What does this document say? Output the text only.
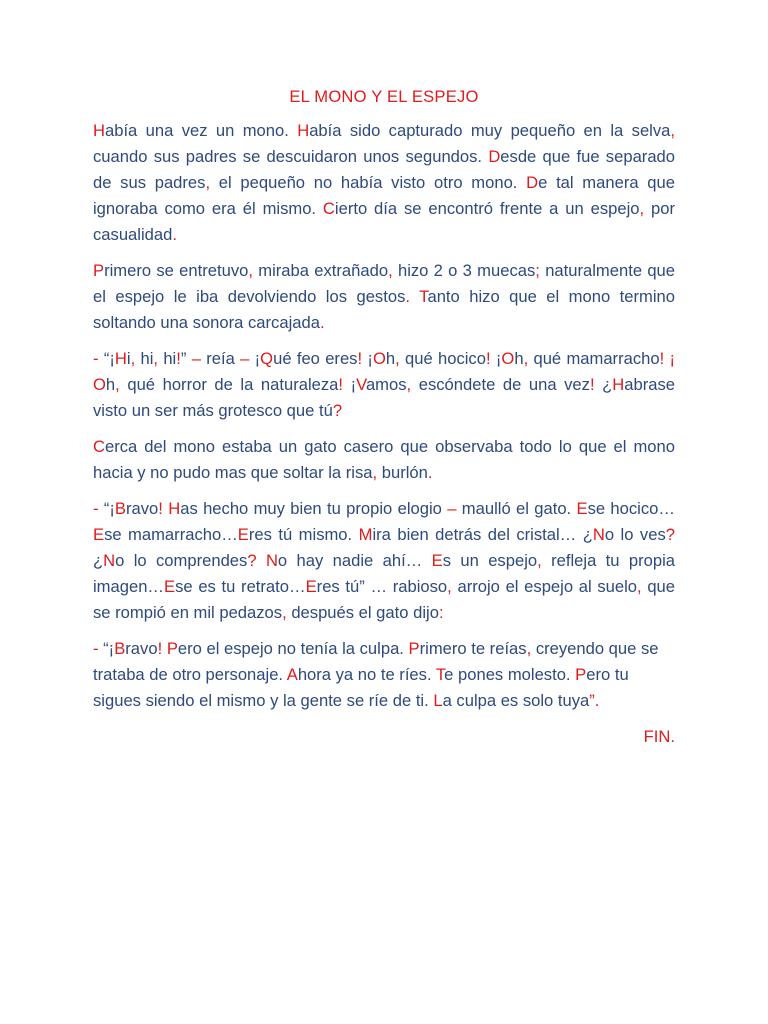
EL MONO Y EL ESPEJO

Había una vez un mono. Había sido capturado muy pequeño en la selva, cuando sus padres se descuidaron unos segundos. Desde que fue separado de sus padres, el pequeño no había visto otro mono. De tal manera que ignoraba como era él mismo. Cierto día se encontró frente a un espejo, por casualidad.

Primero se entretuvo, miraba extrañado, hizo 2 o 3 muecas; naturalmente que el espejo le iba devolviendo los gestos. Tanto hizo que el mono termino soltando una sonora carcajada.

- “¡Hi, hi, hi!” – reía – ¡Qué feo eres! ¡Oh, qué hocico! ¡Oh, qué mamarracho! ¡ Oh, qué horror de la naturaleza! ¡Vamos, escóndete de una vez! ¿Habrase visto un ser más grotesco que tú?

Cerca del mono estaba un gato casero que observaba todo lo que el mono hacia y no pudo mas que soltar la risa, burlón.

- “¡Bravo! Has hecho muy bien tu propio elogio – maulló el gato. Ese hocico…Ese mamarracho…Eres tú mismo. Mira bien detrás del cristal… ¿No lo ves? ¿No lo comprendes? No hay nadie ahí… Es un espejo, refleja tu propia imagen…Ese es tu retrato…Eres tú” … rabioso, arrojo el espejo al suelo, que se rompió en mil pedazos, después el gato dijo:

- “¡Bravo! Pero el espejo no tenía la culpa. Primero te reías, creyendo que se trataba de otro personaje. Ahora ya no te ríes. Te pones molesto. Pero tu sigues siendo el mismo y la gente se ríe de ti. La culpa es solo tuya”.

FIN.
